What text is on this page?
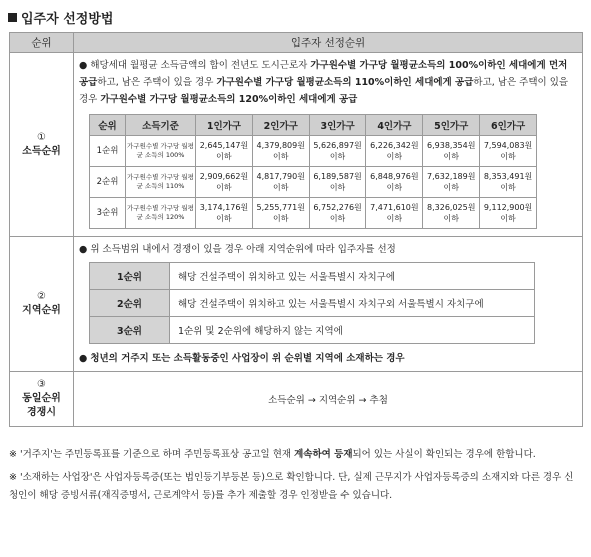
입주자 선정방법
순위	입주자 선정순위

①
소득순위

● 해당세대 월평균 소득금액의 합이 전년도 도시근로자 가구원수별 가구당 월평균소득의 100%이하인 세대에게 먼저 공급하고, 남은 주택이 있을 경우 가구원수별 가구당 월평균소득의 110%이하인 세대에게 공급하고, 남은 주택이 있을 경우 가구원수별 가구당 월평균소득의 120%이하인 세대에게 공급
순위	소득기준	1인가구	2인가구	3인가구	4인가구	5인가구	6인가구
1순위	가구원수별 가구당 월평균 소득의 100%	2,645,147원 이하	4,379,809원 이하	5,626,897원 이하	6,226,342원 이하	6,938,354원 이하	7,594,083원 이하
2순위	가구원수별 가구당 월평균 소득의 110%	2,909,662원 이하	4,817,790원 이하	6,189,587원 이하	6,848,976원 이하	7,632,189원 이하	8,353,491원 이하
3순위	가구원수별 가구당 월평균 소득의 120%	3,174,176원 이하	5,255,771원 이하	6,752,276원 이하	7,471,610원 이하	8,326,025원 이하	9,112,900원 이하

②
지역순위

● 위 소득범위 내에서 경쟁이 있을 경우 아래 지역순위에 따라 입주자를 선정
1순위	해당 건설주택이 위치하고 있는 서울특별시 자치구에
2순위	해당 건설주택이 위치하고 있는 서울특별시 자치구외 서울특별시 자치구에
3순위	1순위 및 2순위에 해당하지 않는 지역에
● 청년의 거주지 또는 소득활동중인 사업장이 위 순위별 지역에 소재하는 경우

③
동일순위
경쟁시
	소득순위 → 지역순위 → 추첨

※ '거주지'는 주민등록표를 기준으로 하며 주민등록표상 공고일 현재 계속하여 등재되어 있는 사실이 확인되는 경우에 한합니다.

※ '소재하는 사업장'은 사업자등록증(또는 법인등기부등본 등)으로 확인합니다. 단, 실제 근무지가 사업자등록증의 소재지와 다른 경우 신청인이 해당 증빙서류(재직증명서, 근로계약서 등)를 추가 제출할 경우 인정받을 수 있습니다.
